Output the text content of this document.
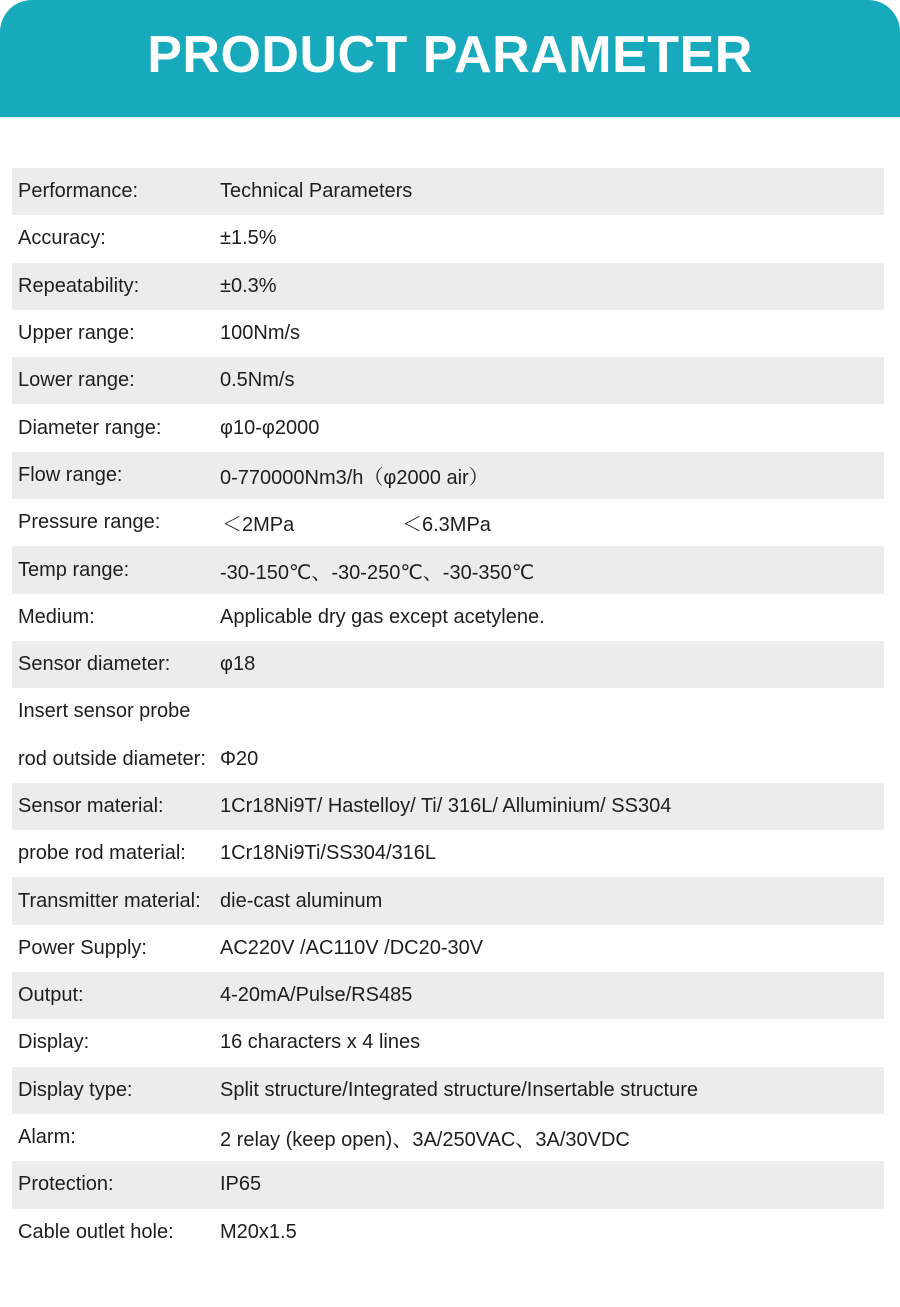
PRODUCT PARAMETER
Performance:	Technical Parameters
Accuracy:	±1.5%
Repeatability:	±0.3%
Upper range:	100Nm/s
Lower range:	0.5Nm/s
Diameter range:	φ10-φ2000
Flow range:	0-770000Nm3/h（φ2000 air）
Pressure range:	＜2MPa	＜6.3MPa
Temp range:	-30-150℃、-30-250℃、-30-350℃
Medium:	Applicable dry gas except acetylene.
Sensor diameter:	φ18
Insert sensor probe
rod outside diameter: Φ20
Sensor material:	1Cr18Ni9T/ Hastelloy/ Ti/ 316L/ Alluminium/ SS304
probe rod material:	1Cr18Ni9Ti/SS304/316L
Transmitter material: die-cast aluminum
Power Supply:	AC220V /AC110V /DC20-30V
Output:	4-20mA/Pulse/RS485
Display:	16 characters x 4 lines
Display type:	Split structure/Integrated structure/Insertable structure
Alarm:	2 relay (keep open)、3A/250VAC、3A/30VDC
Protection:	IP65
Cable outlet hole:	M20x1.5
